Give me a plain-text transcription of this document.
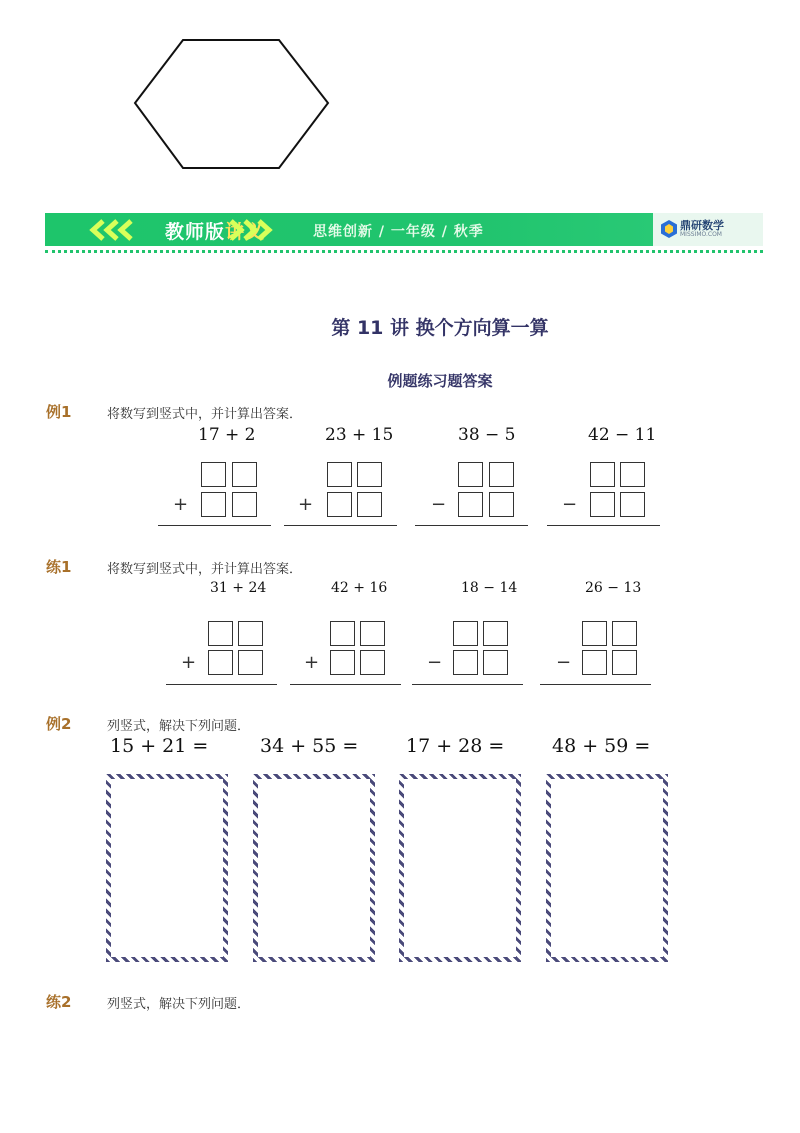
教师版讲义	思维创新 / 一年级 / 秋季	鼎研数学
MISSIMO.COM
第 11 讲 换个方向算一算
例题练习题答案
例1	将数写到竖式中，并计算出答案．
17 + 2	23 + 15	38 − 5	42 − 11
+	+	−	−
练1	将数写到竖式中，并计算出答案．
31 + 24	42 + 16	18 − 14	26 − 13
+	+	−	−
例2	列竖式，解决下列问题．
15 + 21 =	34 + 55 =	17 + 28 =	48 + 59 =
练2	列竖式，解决下列问题．
